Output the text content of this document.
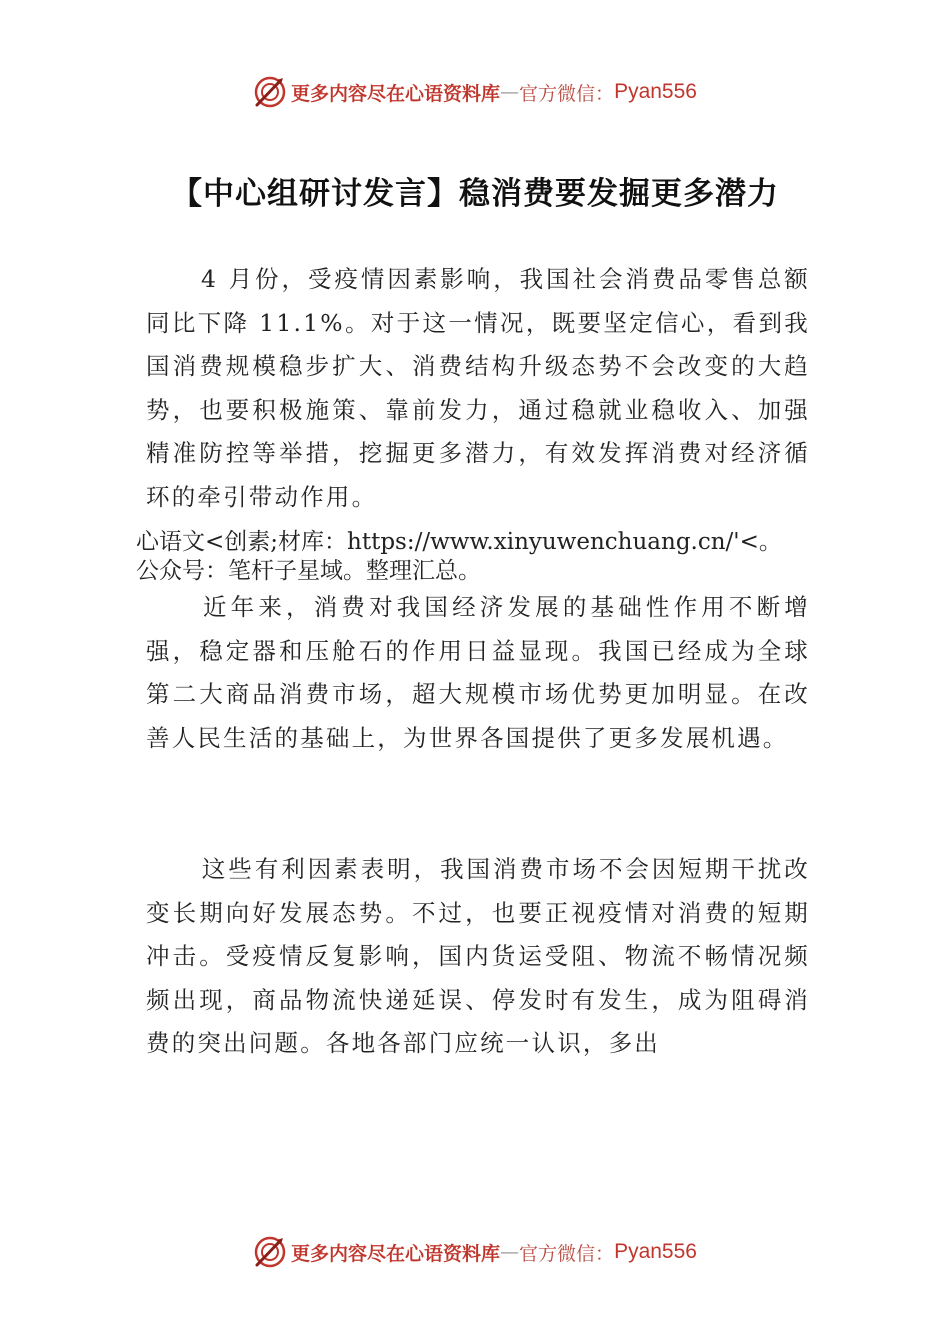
更多内容尽在心语资料库 — 官方微信： Pyan556
【中心组研讨发言】稳消费要发掘更多潜力
4 月份，受疫情因素影响，我国社会消费品零售总额同比下降 11.1%。对于这一情况，既要坚定信心，看到我国消费规模稳步扩大、消费结构升级态势不会改变的大趋势，也要积极施策、靠前发力，通过稳就业稳收入、加强精准防控等举措，挖掘更多潜力，有效发挥消费对经济循环的牵引带动作用。
心语文<创素;材库：https://www.xinyuwenchuang.cn/'<。
公众号：笔杆子星域。整理汇总。
近年来，消费对我国经济发展的基础性作用不断增强，稳定器和压舱石的作用日益显现。我国已经成为全球第二大商品消费市场，超大规模市场优势更加明显。在改善人民生活的基础上，为世界各国提供了更多发展机遇。
这些有利因素表明，我国消费市场不会因短期干扰改变长期向好发展态势。不过，也要正视疫情对消费的短期冲击。受疫情反复影响，国内货运受阻、物流不畅情况频频出现，商品物流快递延误、停发时有发生，成为阻碍消费的突出问题。各地各部门应统一认识，多出
更多内容尽在心语资料库 — 官方微信： Pyan556
